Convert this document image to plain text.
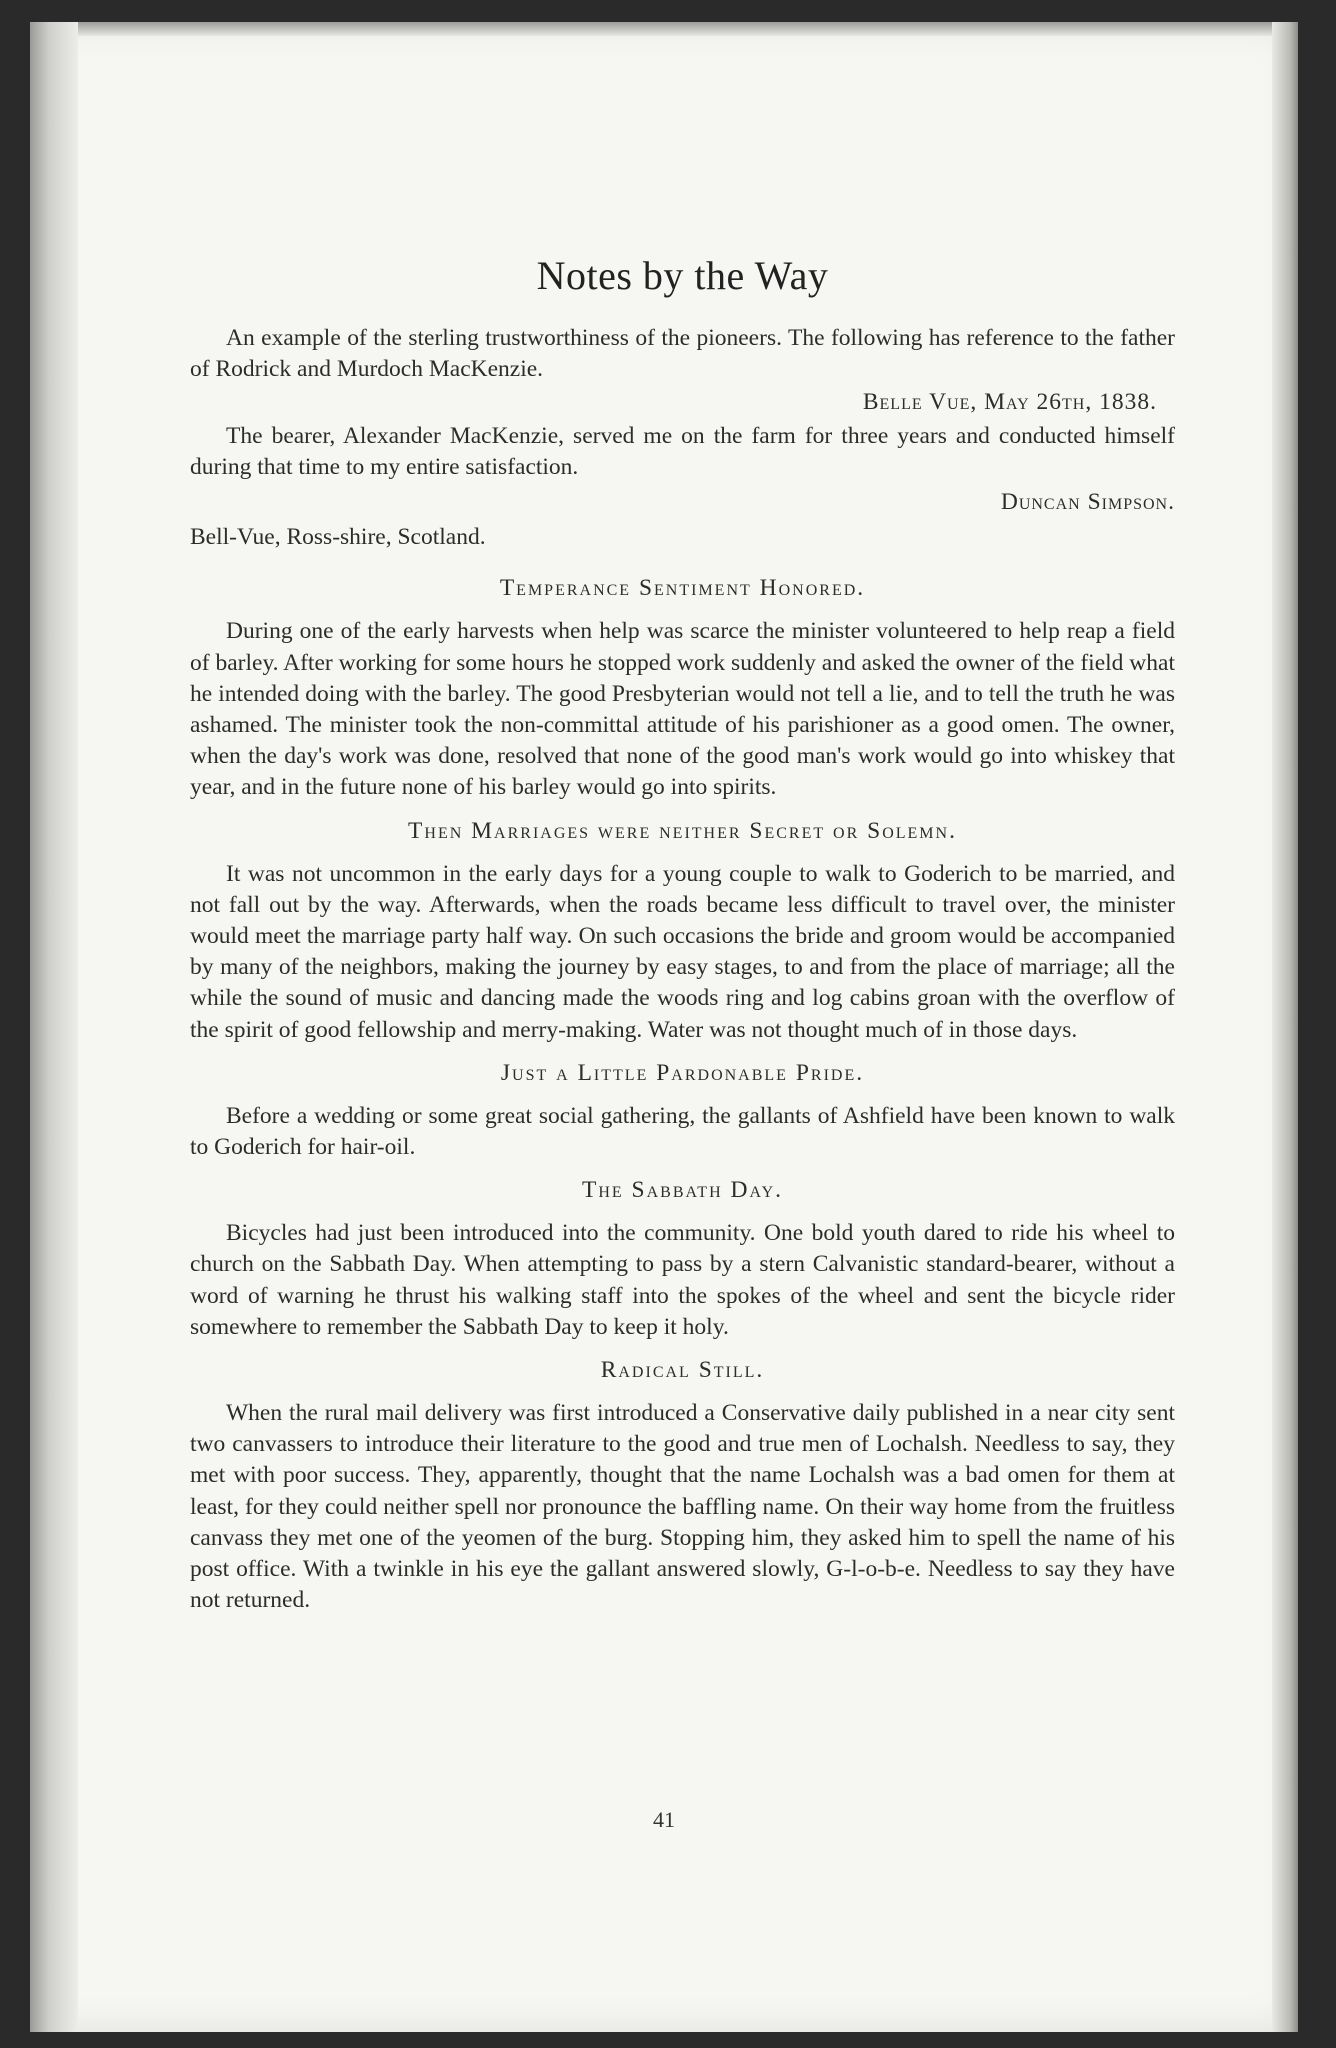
Notes by the Way

An example of the sterling trustworthiness of the pioneers. The following has reference to the father of Rodrick and Murdoch MacKenzie.

Belle Vue, May 26th, 1838.

The bearer, Alexander MacKenzie, served me on the farm for three years and conducted himself during that time to my entire satisfaction.

Duncan Simpson.

Bell-Vue, Ross-shire, Scotland.

Temperance Sentiment Honored.

During one of the early harvests when help was scarce the minister volunteered to help reap a field of barley. After working for some hours he stopped work suddenly and asked the owner of the field what he intended doing with the barley. The good Presbyterian would not tell a lie, and to tell the truth he was ashamed. The minister took the non-committal attitude of his parishioner as a good omen. The owner, when the day's work was done, resolved that none of the good man's work would go into whiskey that year, and in the future none of his barley would go into spirits.

Then Marriages were neither Secret or Solemn.

It was not uncommon in the early days for a young couple to walk to Goderich to be married, and not fall out by the way. Afterwards, when the roads became less difficult to travel over, the minister would meet the marriage party half way. On such occasions the bride and groom would be accompanied by many of the neighbors, making the journey by easy stages, to and from the place of marriage; all the while the sound of music and dancing made the woods ring and log cabins groan with the overflow of the spirit of good fellowship and merry-making. Water was not thought much of in those days.

Just a Little Pardonable Pride.

Before a wedding or some great social gathering, the gallants of Ashfield have been known to walk to Goderich for hair-oil.

The Sabbath Day.

Bicycles had just been introduced into the community. One bold youth dared to ride his wheel to church on the Sabbath Day. When attempting to pass by a stern Calvanistic standard-bearer, without a word of warning he thrust his walking staff into the spokes of the wheel and sent the bicycle rider somewhere to remember the Sabbath Day to keep it holy.

Radical Still.

When the rural mail delivery was first introduced a Conservative daily published in a near city sent two canvassers to introduce their literature to the good and true men of Lochalsh. Needless to say, they met with poor success. They, apparently, thought that the name Lochalsh was a bad omen for them at least, for they could neither spell nor pronounce the baffling name. On their way home from the fruitless canvass they met one of the yeomen of the burg. Stopping him, they asked him to spell the name of his post office. With a twinkle in his eye the gallant answered slowly, G-l-o-b-e. Needless to say they have not returned.

41
